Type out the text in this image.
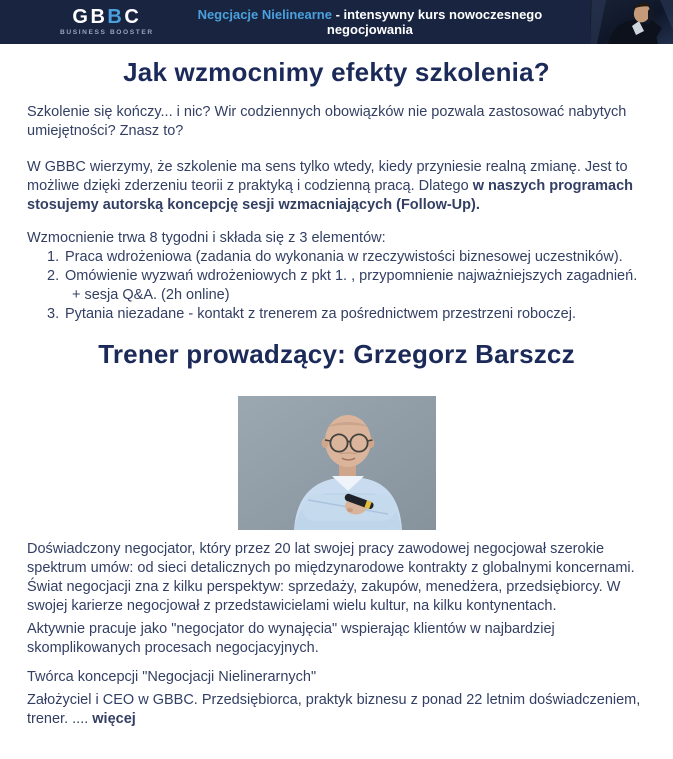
GBBC
BUSINESS BOOSTER
Negcjacje Nielinearne - intensywny kurs nowoczesnego negocjowania
Jak wzmocnimy efekty szkolenia?

Szkolenie się kończy... i nic? Wir codziennych obowiązków nie pozwala zastosować nabytych umiejętności? Znasz to?

W GBBC wierzymy, że szkolenie ma sens tylko wtedy, kiedy przyniesie realną zmianę. Jest to możliwe dzięki zderzeniu teorii z praktyką i codzienną pracą. Dlatego w naszych programach stosujemy autorską koncepcję sesji wzmacniających (Follow-Up).

Wzmocnienie trwa 8 tygodni i składa się z 3 elementów:

1. Praca wdrożeniowa (zadania do wykonania w rzeczywistości biznesowej uczestników).
2. Omówienie wyzwań wdrożeniowych z pkt 1. , przypomnienie najważniejszych zagadnień.
+ sesja Q&A. (2h online)
3. Pytania niezadane - kontakt z trenerem za pośrednictwem przestrzeni roboczej.
Trener prowadzący: Grzegorz Barszcz

Doświadczony negocjator, który przez 20 lat swojej pracy zawodowej negocjował szerokie spektrum umów: od sieci detalicznych po międzynarodowe kontrakty z globalnymi koncernami. Świat negocjacji zna z kilku perspektyw: sprzedaży, zakupów, menedżera, przedsiębiorcy. W swojej karierze negocjował z przedstawicielami wielu kultur, na kilku kontynentach.

Aktywnie pracuje jako "negocjator do wynajęcia" wspierając klientów w najbardziej skomplikowanych procesach negocjacyjnych.

Twórca koncepcji "Negocjacji Nielinerarnych"

Założyciel i CEO w GBBC. Przedsiębiorca, praktyk biznesu z ponad 22 letnim doświadczeniem, trener. .... więcej
